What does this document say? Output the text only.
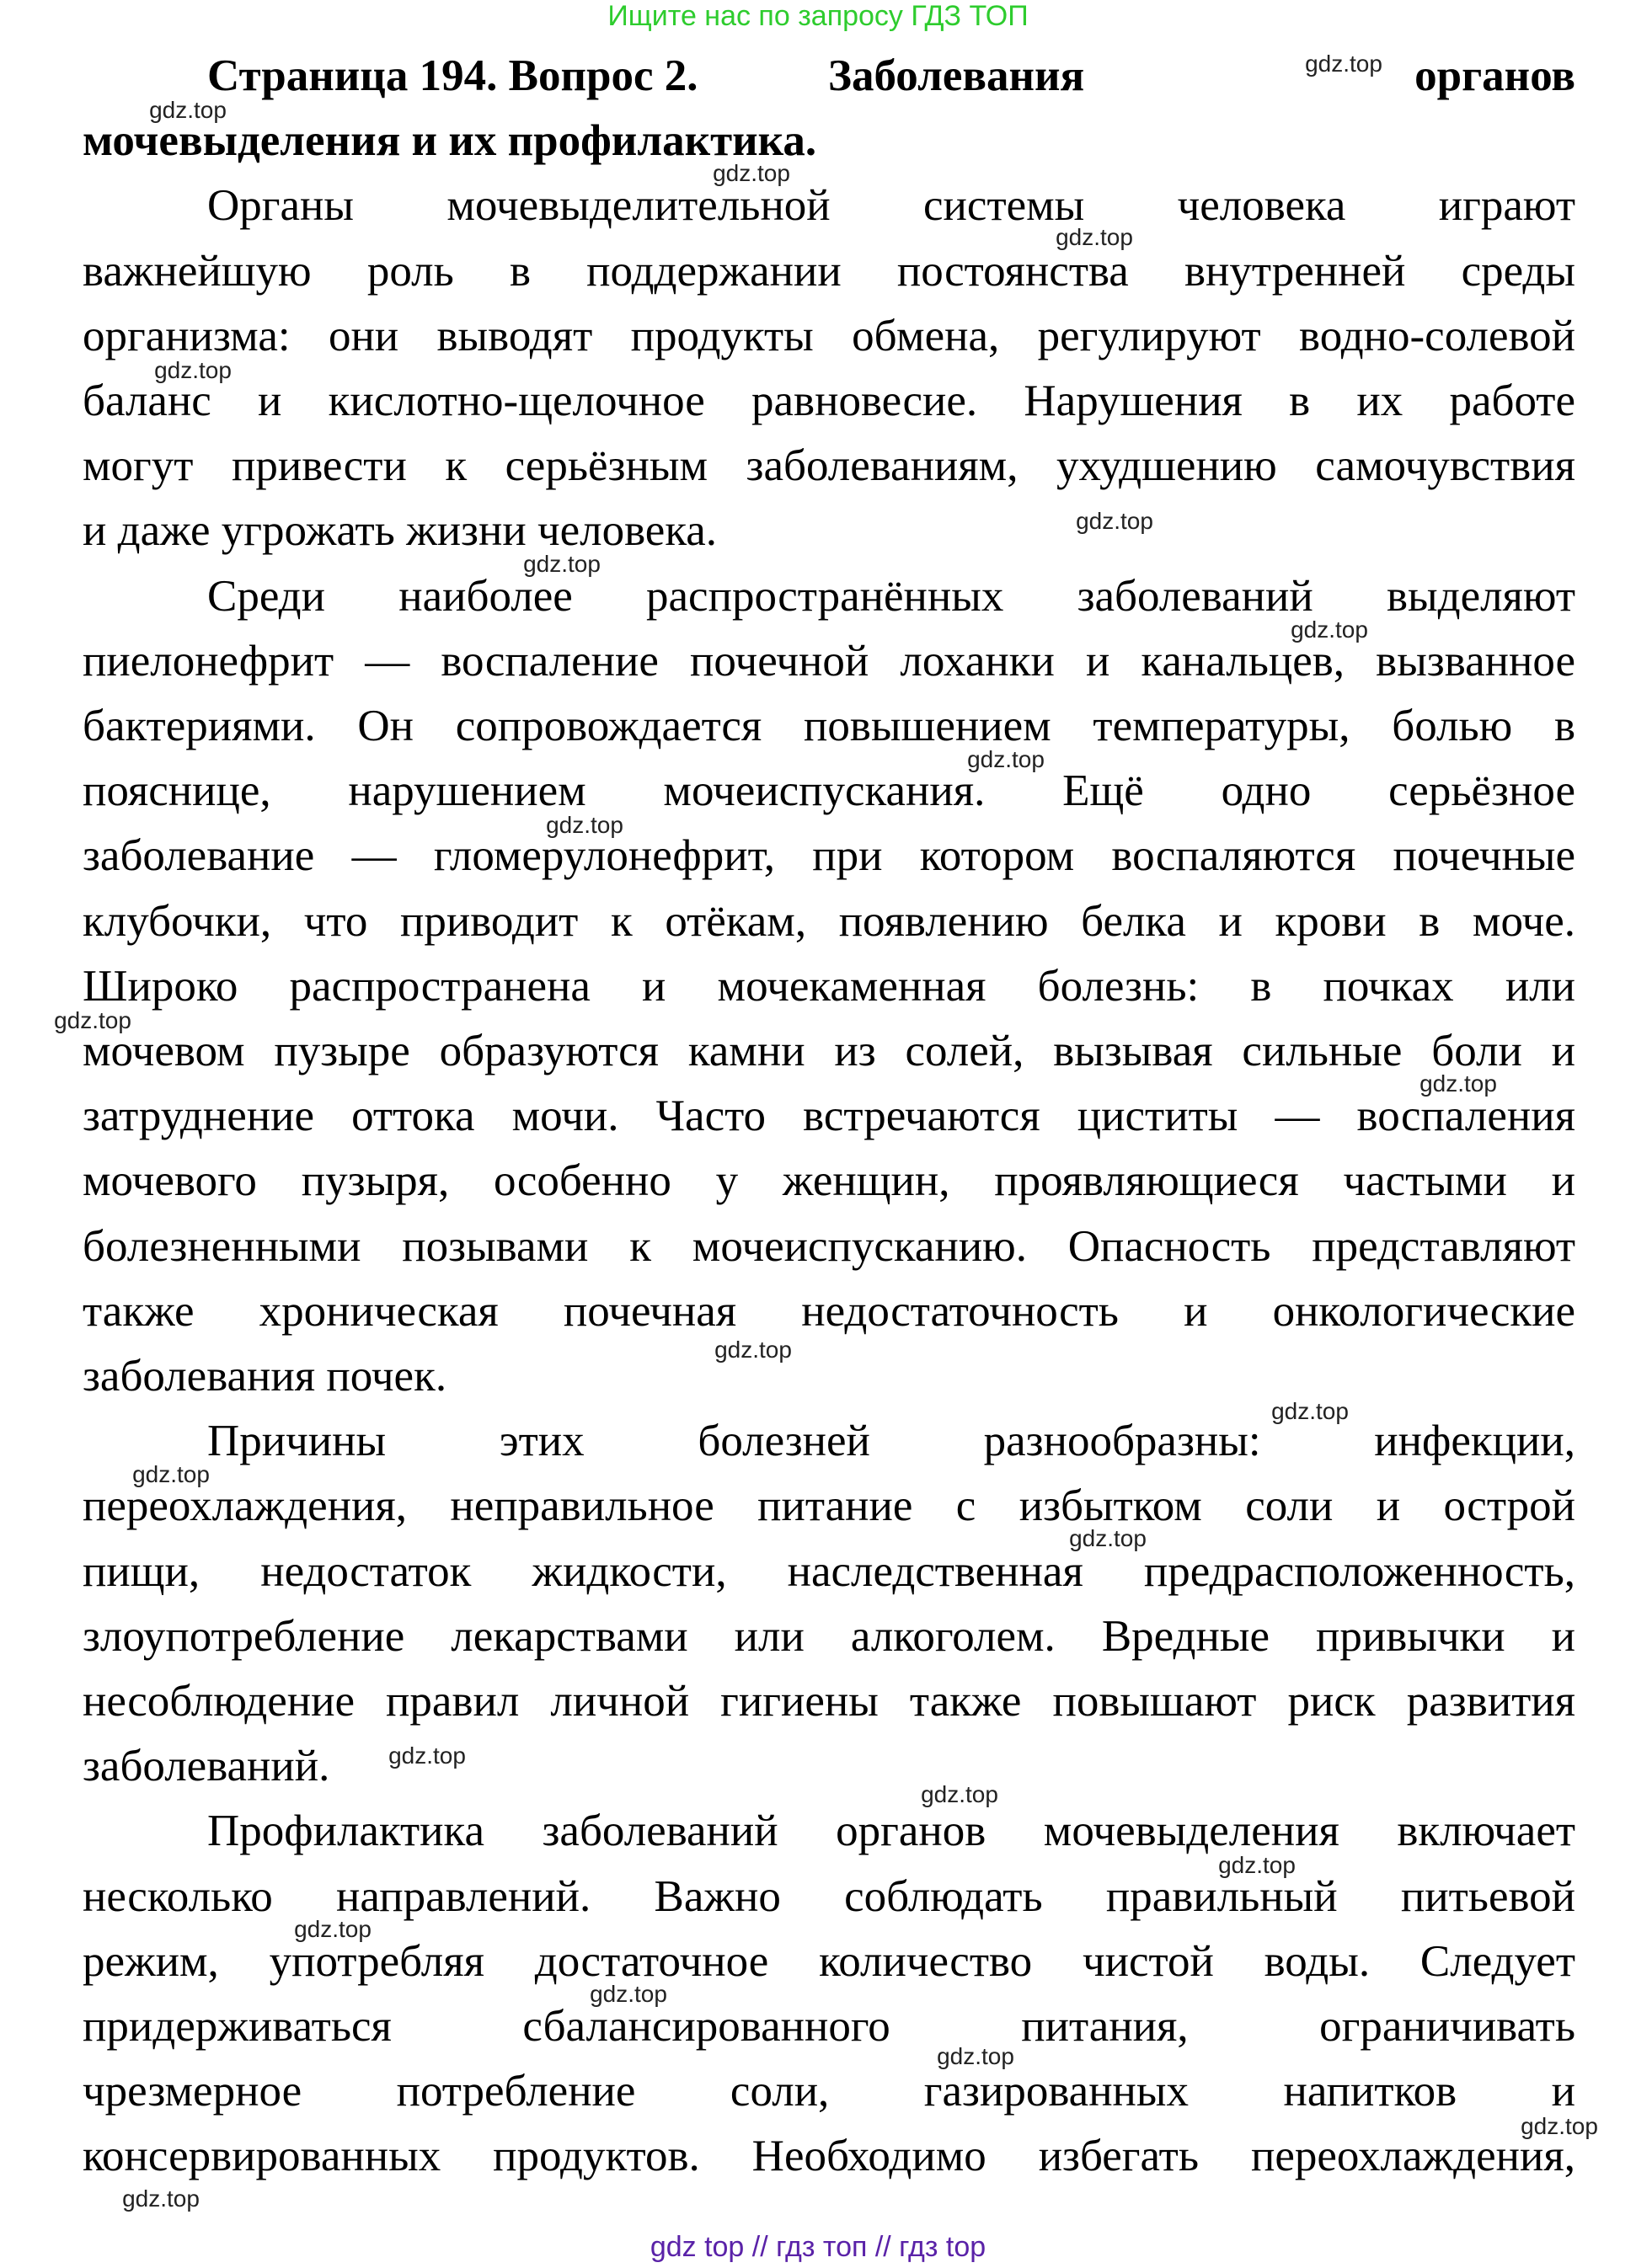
Ищите нас по запросу ГДЗ ТОП
Страница 194. Вопрос 2.	Заболевания	органов
мочевыделения и их профилактика.
Органы мочевыделительной системы человека играют
важнейшую роль в поддержании постоянства внутренней среды
организма: они выводят продукты обмена, регулируют водно-солевой
баланс и кислотно-щелочное равновесие. Нарушения в их работе
могут привести к серьёзным заболеваниям, ухудшению самочувствия
и даже угрожать жизни человека.
Среди наиболее распространённых заболеваний выделяют
пиелонефрит — воспаление почечной лоханки и канальцев, вызванное
бактериями. Он сопровождается повышением температуры, болью в
пояснице, нарушением мочеиспускания. Ещё одно серьёзное
заболевание — гломерулонефрит, при котором воспаляются почечные
клубочки, что приводит к отёкам, появлению белка и крови в моче.
Широко распространена и мочекаменная болезнь: в почках или
мочевом пузыре образуются камни из солей, вызывая сильные боли и
затруднение оттока мочи. Часто встречаются циститы — воспаления
мочевого пузыря, особенно у женщин, проявляющиеся частыми и
болезненными позывами к мочеиспусканию. Опасность представляют
также хроническая почечная недостаточность и онкологические
заболевания почек.
Причины этих болезней разнообразны: инфекции,
переохлаждения, неправильное питание с избытком соли и острой
пищи, недостаток жидкости, наследственная предрасположенность,
злоупотребление лекарствами или алкоголем. Вредные привычки и
несоблюдение правил личной гигиены также повышают риск развития
заболеваний.
Профилактика заболеваний органов мочевыделения включает
несколько направлений. Важно соблюдать правильный питьевой
режим, употребляя достаточное количество чистой воды. Следует
придерживаться сбалансированного питания, ограничивать
чрезмерное потребление соли, газированных напитков и
консервированных продуктов. Необходимо избегать переохлаждения,
gdz.top
gdz.top
gdz.top
gdz.top
gdz.top
gdz.top
gdz.top
gdz.top
gdz.top
gdz.top
gdz.top
gdz.top
gdz.top
gdz.top
gdz.top
gdz.top
gdz.top
gdz.top
gdz.top
gdz.top
gdz.top
gdz.top
gdz.top
gdz.top
gdz top // гдз топ // гдз top
